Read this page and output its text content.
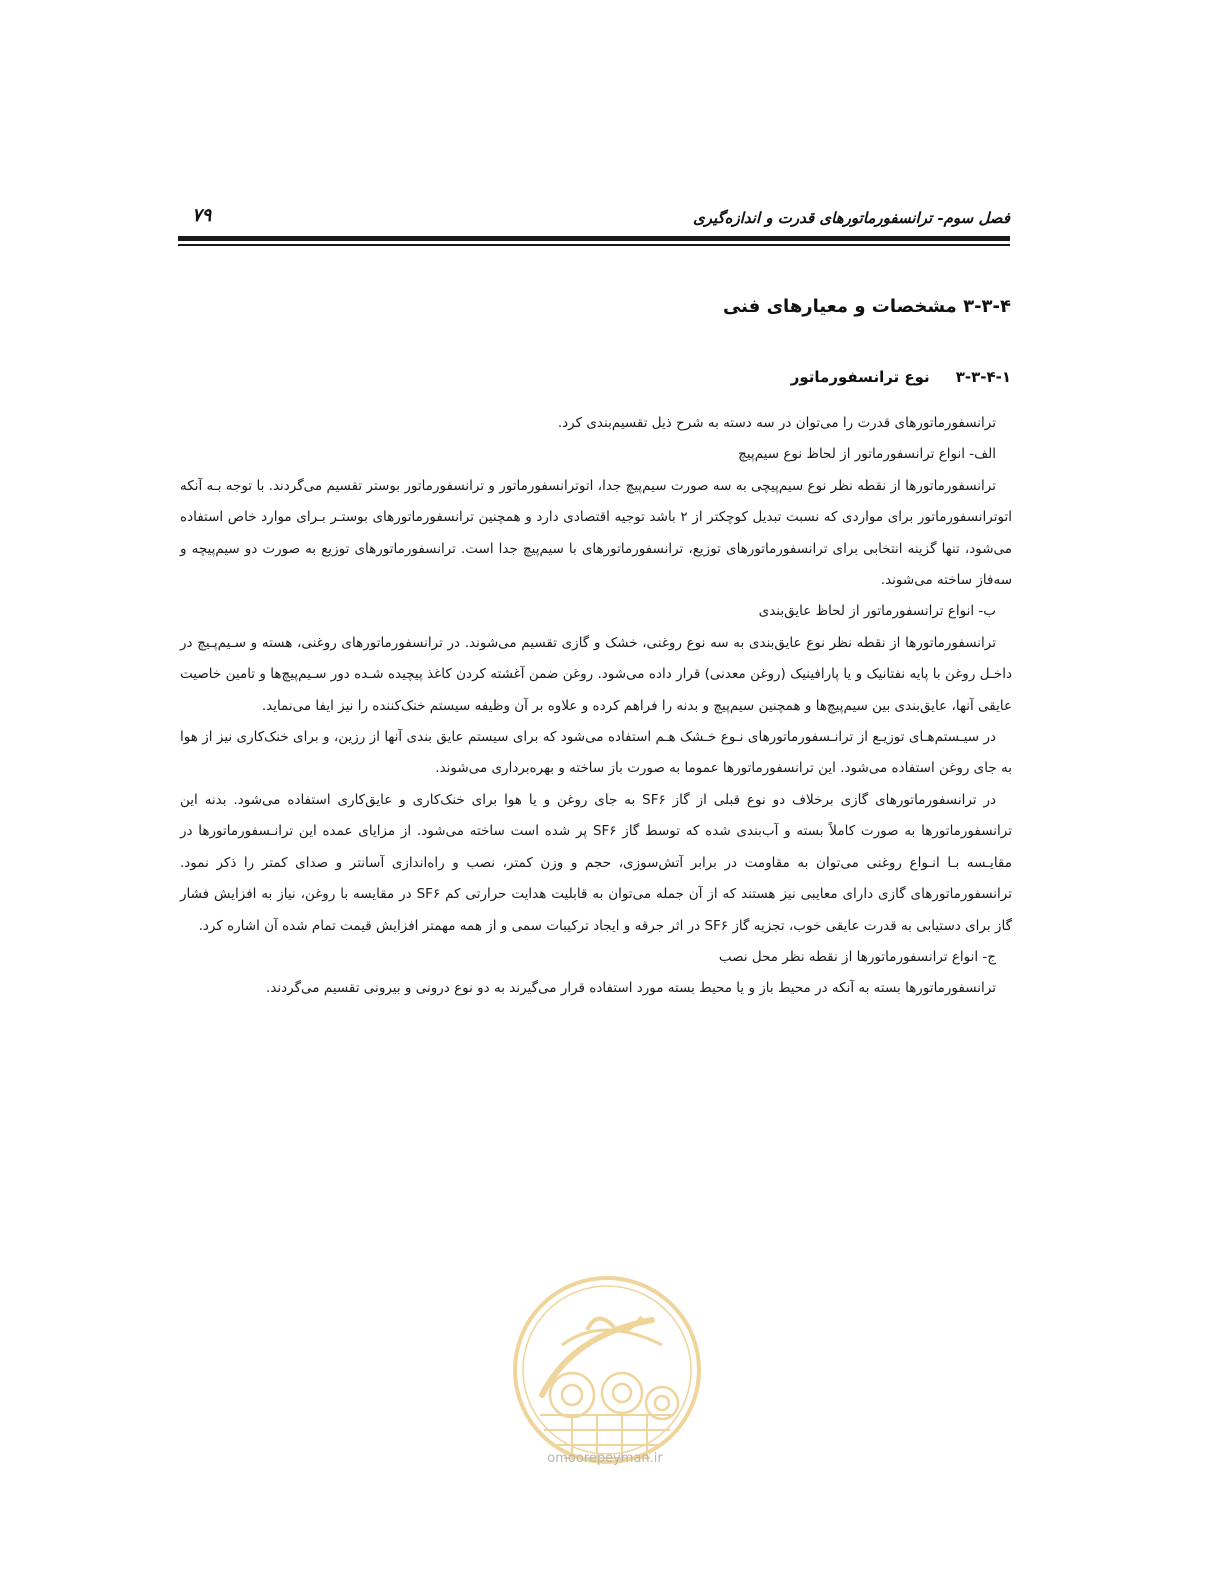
فصل سوم- ترانسفورماتورهای قدرت و اندازه‌گیری
۷۹
۳-۳-۴ مشخصات و معیارهای فنی
۳-۳-۴-۱نوع ترانسفورماتور

ترانسفورماتورهای قدرت را می‌توان در سه دسته به شرح ذیل تقسیم‌بندی کرد.

الف- انواع ترانسفورماتور از لحاظ نوع سیم‌پیچ

ترانسفورماتورها از نقطه نظر نوع سیم‌پیچی به سه صورت سیم‌پیچ جدا، اتوترانسفورماتور و ترانسفورماتور بوستر تقسیم می‌گردند. با توجه بـه آنکه اتوترانسفورماتور برای مواردی که نسبت تبدیل کوچکتر از ۲ باشد توجیه اقتصادی دارد و همچنین ترانسفورماتورهای بوستـر بـرای موارد خاص استفاده می‌شود، تنها گزینه انتخابی برای ترانسفورماتورهای توزیع، ترانسفورماتورهای با سیم‌پیچ جدا است. ترانسفورماتورهای توزیع به صورت دو سیم‌پیچه و سه‌فاز ساخته می‌شوند.

ب- انواع ترانسفورماتور از لحاظ عایق‌بندی

ترانسفورماتورها از نقطه نظر نوع عایق‌بندی به سه نوع روغنی، خشک و گازی تقسیم می‌شوند. در ترانسفورماتورهای روغنی، هسته و سـیم‌پـیچ در داخـل روغن با پایه نفتانیک و یا پارافینیک (روغن معدنی) قرار داده می‌شود. روغن ضمن آغشته کردن کاغذ پیچیده شـده دور سـیم‌پیچ‌ها و تامین خاصیت عایقی آنها، عایق‌بندی بین سیم‌پیچ‌ها و همچنین سیم‌پیچ و بدنه را فراهم کرده و علاوه بر آن وظیفه سیستم خنک‌کننده را نیز ایفا می‌نماید.

در سیـستم‌هـای توزیـع از ترانـسفورماتورهای نـوع خـشک هـم استفاده می‌شود که برای سیستم عایق بندی آنها از رزین، و برای خنک‌کاری نیز از هوا به جای روغن استفاده می‌شود. این ترانسفورماتورها عموما به صورت باز ساخته و بهره‌برداری می‌شوند.

در ترانسفورماتورهای گازی برخلاف دو نوع قبلی از گاز SF۶ به جای روغن و یا هوا برای خنک‌کاری و عایق‌کاری استفاده می‌شود. بدنه این ترانسفورماتورها به صورت کاملاً بسته و آب‌بندی شده که توسط گاز SF۶ پر شده است ساخته می‌شود. از مزایای عمده این ترانـسفورماتورها در مقایـسه بـا انـواع روغنی می‌توان به مقاومت در برابر آتش‌سوزی، حجم و وزن کمتر، نصب و راه‌اندازی آسانتر و صدای کمتر را ذکر نمود. ترانسفورماتورهای گازی دارای معایبی نیز هستند که از آن جمله می‌توان به قابلیت هدایت حرارتی کم SF۶ در مقایسه با روغن، نیاز به افزایش فشار گاز برای دستیابی به قدرت عایقی خوب، تجزیه گاز SF۶ در اثر جرقه و ایجاد ترکیبات سمی و از همه مهمتر افزایش قیمت تمام شده آن اشاره کرد.

ج- انواع ترانسفورماتورها از نقطه نظر محل نصب

ترانسفورماتورها بسته به آنکه در محیط باز و یا محیط بسته مورد استفاده قرار می‌گیرند به دو نوع درونی و بیرونی تقسیم می‌گردند.

omoorepeyman.ir
